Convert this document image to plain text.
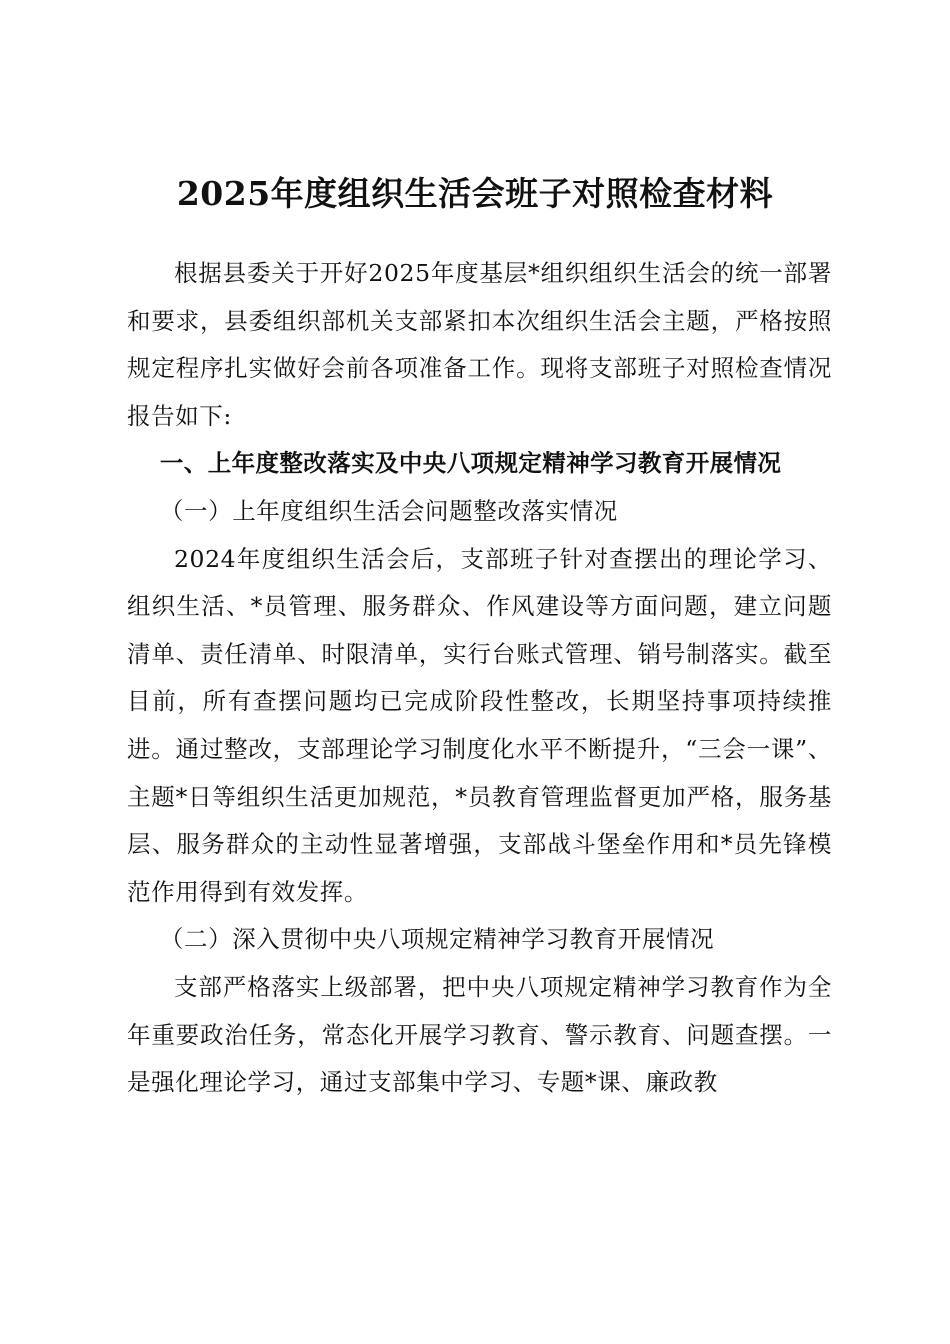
2025年度组织生活会班子对照检查材料

根据县委关于开好2025年度基层*组织组织生活会的统一部署和要求，县委组织部机关支部紧扣本次组织生活会主题，严格按照规定程序扎实做好会前各项准备工作。现将支部班子对照检查情况报告如下:

一、上年度整改落实及中央八项规定精神学习教育开展情况

（一）上年度组织生活会问题整改落实情况

2024年度组织生活会后，支部班子针对查摆出的理论学习、组织生活、*员管理、服务群众、作风建设等方面问题，建立问题清单、责任清单、时限清单，实行台账式管理、销号制落实。截至目前，所有查摆问题均已完成阶段性整改，长期坚持事项持续推进。通过整改，支部理论学习制度化水平不断提升，“三会一课”、主题*日等组织生活更加规范，*员教育管理监督更加严格，服务基层、服务群众的主动性显著增强，支部战斗堡垒作用和*员先锋模范作用得到有效发挥。

（二）深入贯彻中央八项规定精神学习教育开展情况

支部严格落实上级部署，把中央八项规定精神学习教育作为全年重要政治任务，常态化开展学习教育、警示教育、问题查摆。一是强化理论学习，通过支部集中学习、专题*课、廉政教
